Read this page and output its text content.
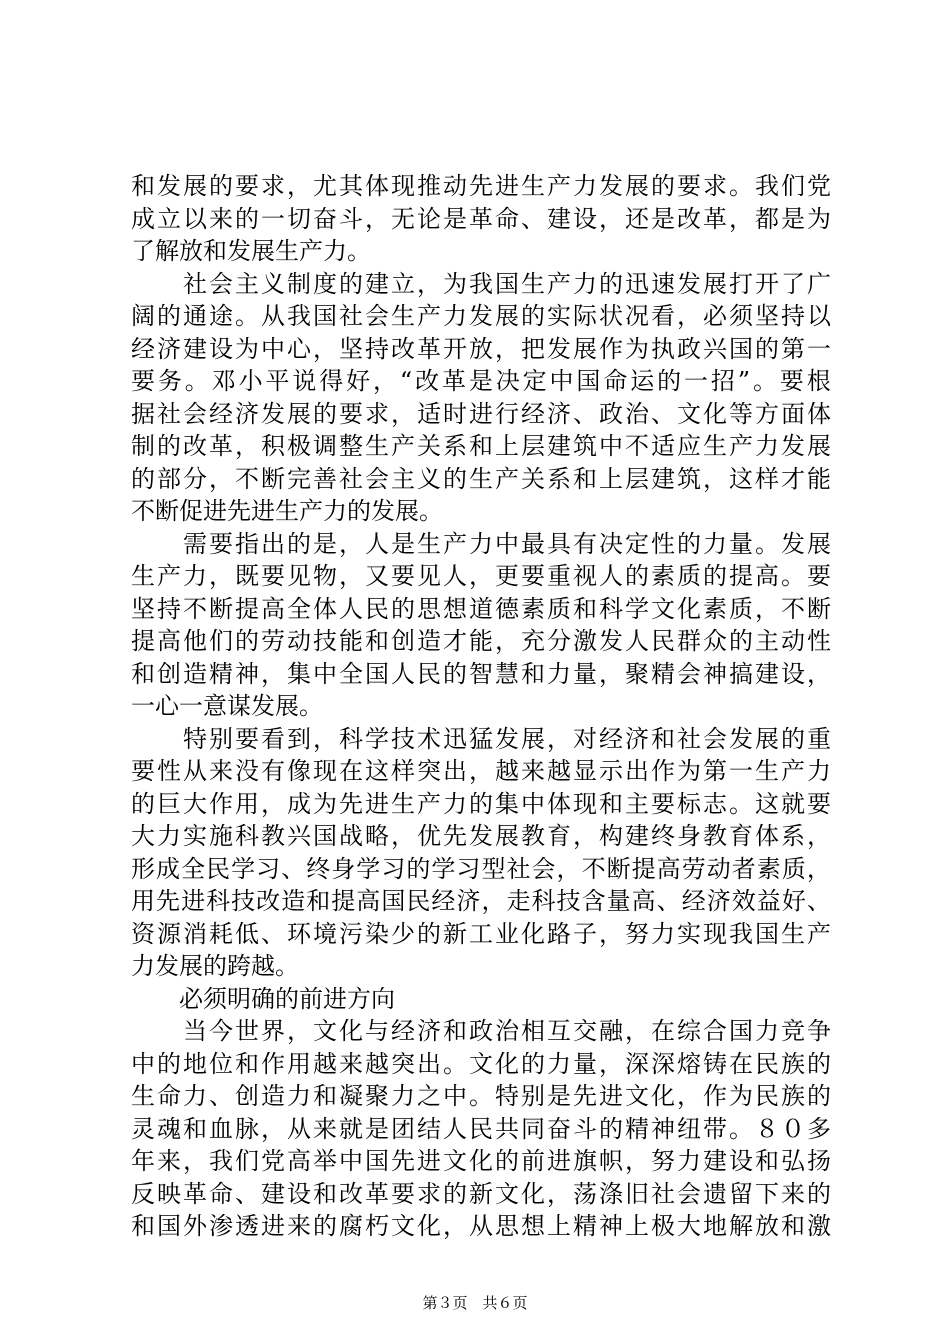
和 发 展 的 要 求 ， 尤 其 体 现 推 动 先 进 生 产 力 发 展 的 要 求 。 我 们 党
成 立 以 来 的 一 切 奋 斗 ， 无 论 是 革 命 、 建 设 ， 还 是 改 革 ， 都 是 为
了解放和发展生产力。

社 会 主 义 制 度 的 建 立 ， 为 我 国 生 产 力 的 迅 速 发 展 打 开 了 广
阔 的 通 途 。 从 我 国 社 会 生 产 力 发 展 的 实 际 状 况 看 ， 必 须 坚 持 以
经 济 建 设 为 中 心 ， 坚 持 改 革 开 放 ， 把 发 展 作 为 执 政 兴 国 的 第 一
要 务 。 邓 小 平 说 得 好 ， “ 改 革 是 决 定 中 国 命 运 的 一 招 ” 。 要 根
据 社 会 经 济 发 展 的 要 求 ， 适 时 进 行 经 济 、 政 治 、 文 化 等 方 面 体
制 的 改 革 ， 积 极 调 整 生 产 关 系 和 上 层 建 筑 中 不 适 应 生 产 力 发 展
的 部 分 ， 不 断 完 善 社 会 主 义 的 生 产 关 系 和 上 层 建 筑 ， 这 样 才 能
不断促进先进生产力的发展。

需 要 指 出 的 是 ， 人 是 生 产 力 中 最 具 有 决 定 性 的 力 量 。 发 展
生 产 力 ， 既 要 见 物 ， 又 要 见 人 ， 更 要 重 视 人 的 素 质 的 提 高 。 要
坚 持 不 断 提 高 全 体 人 民 的 思 想 道 德 素 质 和 科 学 文 化 素 质 ， 不 断
提 高 他 们 的 劳 动 技 能 和 创 造 才 能 ， 充 分 激 发 人 民 群 众 的 主 动 性
和 创 造 精 神 ， 集 中 全 国 人 民 的 智 慧 和 力 量 ， 聚 精 会 神 搞 建 设 ，
一心一意谋发展。

特 别 要 看 到 ， 科 学 技 术 迅 猛 发 展 ， 对 经 济 和 社 会 发 展 的 重
要 性 从 来 没 有 像 现 在 这 样 突 出 ， 越 来 越 显 示 出 作 为 第 一 生 产 力
的 巨 大 作 用 ， 成 为 先 进 生 产 力 的 集 中 体 现 和 主 要 标 志 。 这 就 要
大 力 实 施 科 教 兴 国 战 略 ， 优 先 发 展 教 育 ， 构 建 终 身 教 育 体 系 ，
形 成 全 民 学 习 、 终 身 学 习 的 学 习 型 社 会 ， 不 断 提 高 劳 动 者 素 质 ，
用 先 进 科 技 改 造 和 提 高 国 民 经 济 ， 走 科 技 含 量 高 、 经 济 效 益 好 、
资 源 消 耗 低 、 环 境 污 染 少 的 新 工 业 化 路 子 ， 努 力 实 现 我 国 生 产
力发展的跨越。
　　必须明确的前进方向

当 今 世 界 ， 文 化 与 经 济 和 政 治 相 互 交 融 ， 在 综 合 国 力 竞 争
中 的 地 位 和 作 用 越 来 越 突 出 。 文 化 的 力 量 ， 深 深 熔 铸 在 民 族 的
生 命 力 、 创 造 力 和 凝 聚 力 之 中 。 特 别 是 先 进 文 化 ， 作 为 民 族 的
灵 魂 和 血 脉 ， 从 来 就 是 团 结 人 民 共 同 奋 斗 的 精 神 纽 带 。 ８ ０ 多
年 来 ， 我 们 党 高 举 中 国 先 进 文 化 的 前 进 旗 帜 ， 努 力 建 设 和 弘 扬
反 映 革 命 、 建 设 和 改 革 要 求 的 新 文 化 ， 荡 涤 旧 社 会 遗 留 下 来 的
和 国 外 渗 透 进 来 的 腐 朽 文 化 ， 从 思 想 上 精 神 上 极 大 地 解 放 和 激
第３页　共６页
